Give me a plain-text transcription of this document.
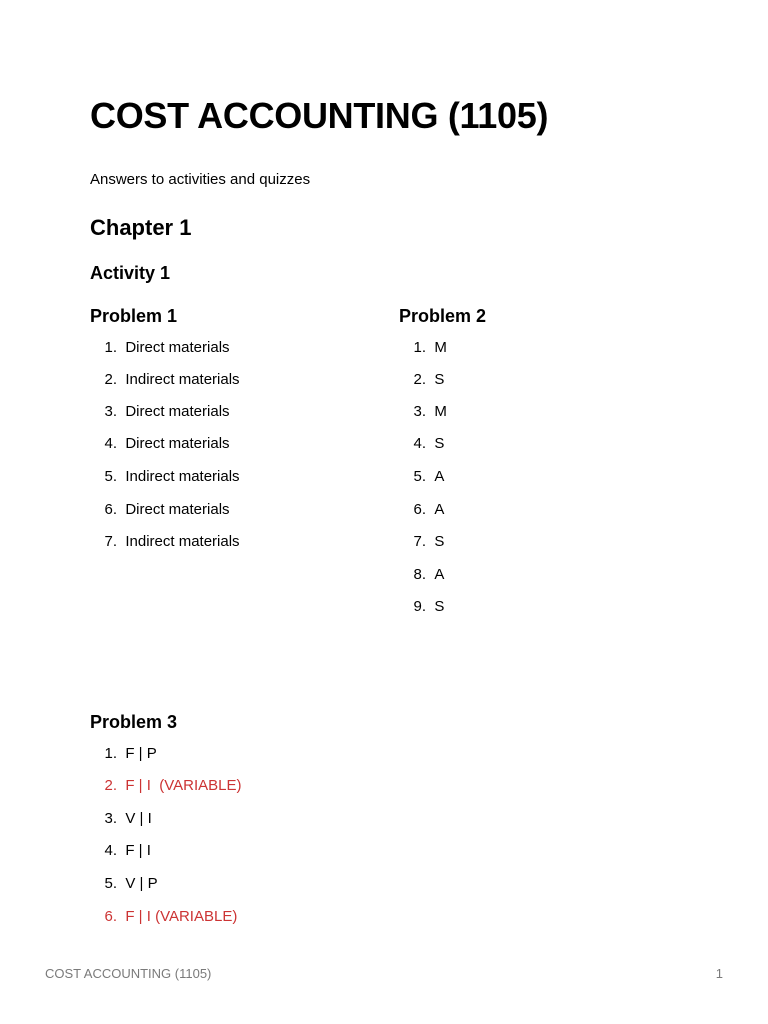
COST ACCOUNTING (1105)

Answers to activities and quizzes

Chapter 1
Activity 1
Problem 1
1. Direct materials
2. Indirect materials
3. Direct materials
4. Direct materials
5. Indirect materials
6. Direct materials
7. Indirect materials
Problem 2
1. M
2. S
3. M
4. S
5. A
6. A
7. S
8. A
9. S
Problem 3
1. F | P
2. F | I  (VARIABLE)
3. V | I
4. F | I
5. V | P
6. F | I (VARIABLE)
COST ACCOUNTING (1105)	1
